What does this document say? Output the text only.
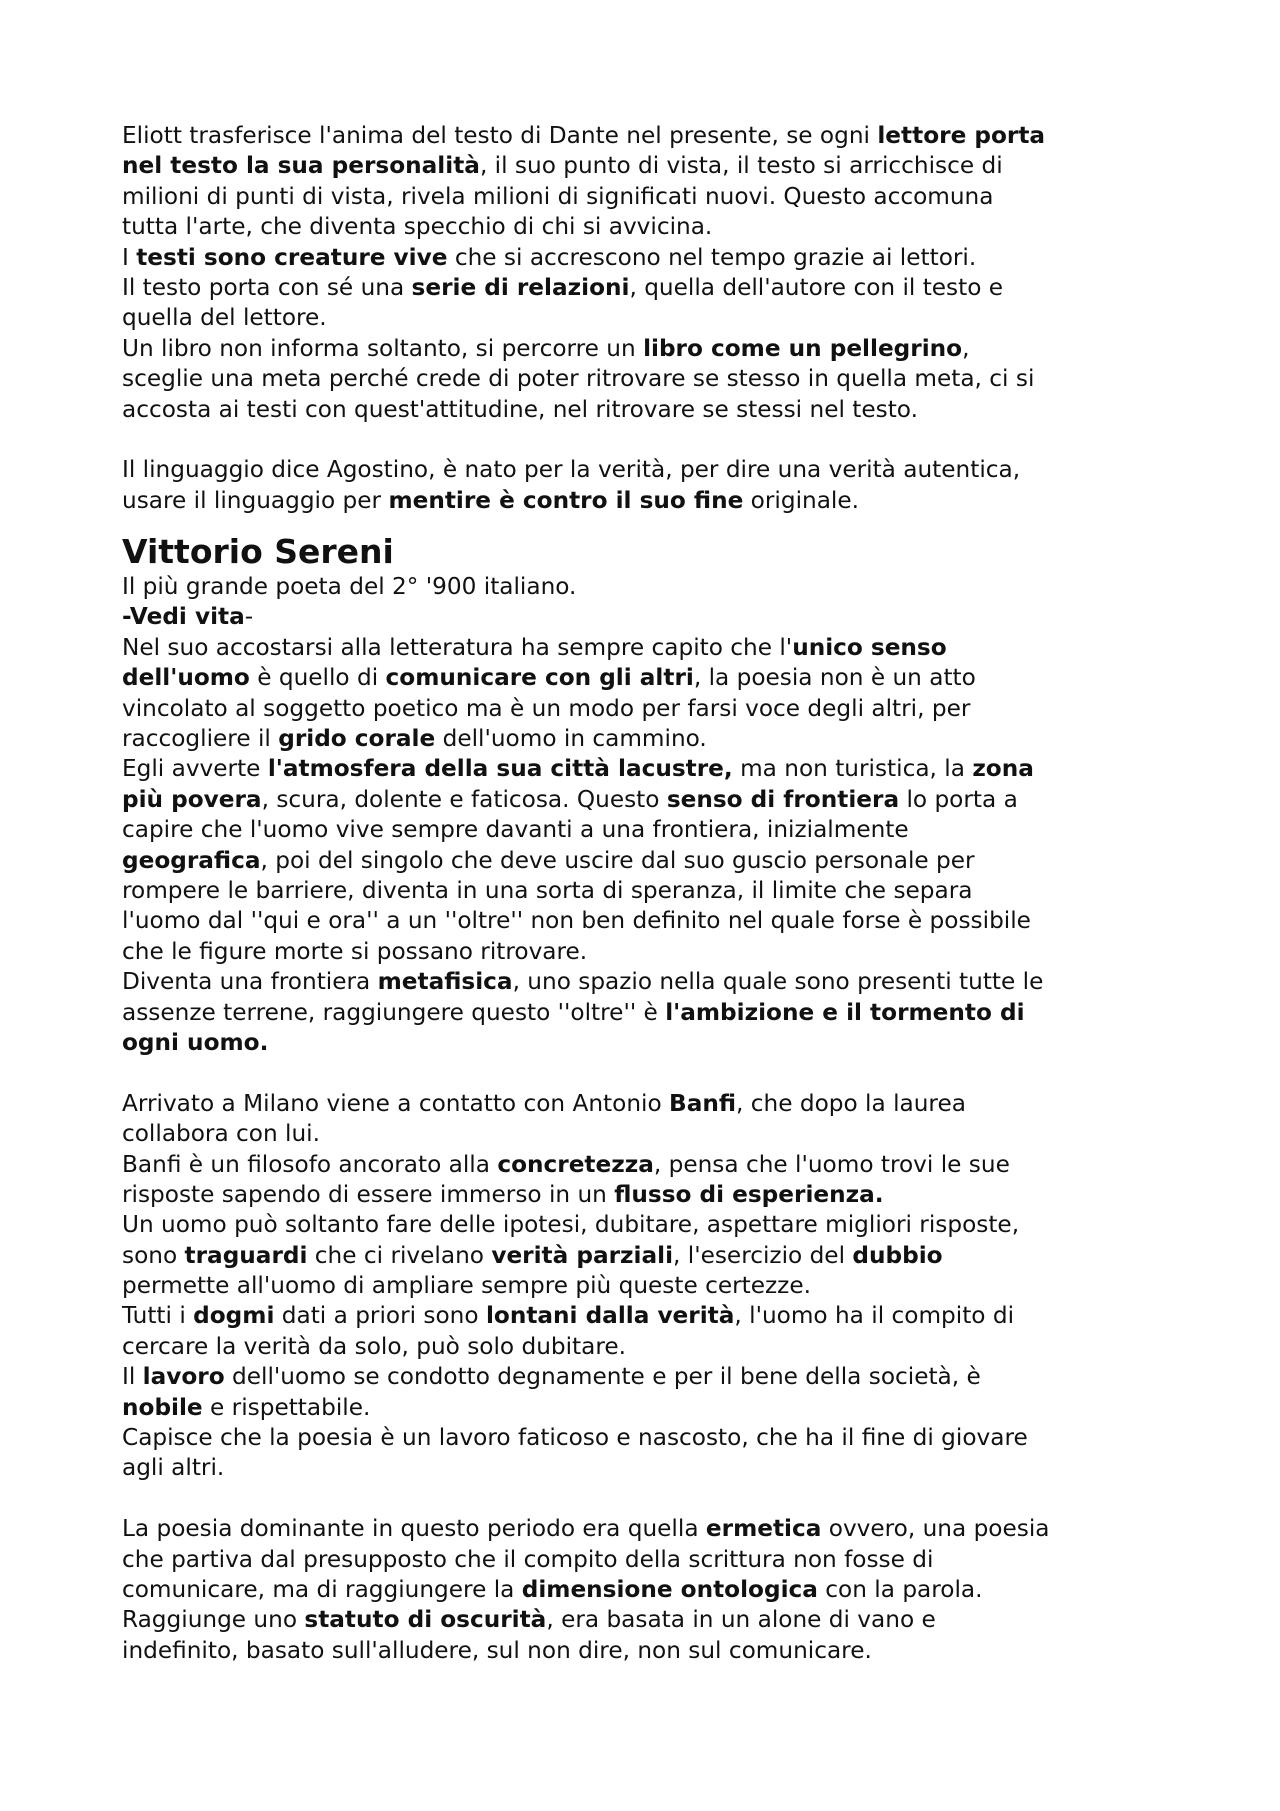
Eliott trasferisce l'anima del testo di Dante nel presente, se ogni lettore porta
nel testo la sua personalità, il suo punto di vista, il testo si arricchisce di
milioni di punti di vista, rivela milioni di significati nuovi. Questo accomuna
tutta l'arte, che diventa specchio di chi si avvicina.
I testi sono creature vive che si accrescono nel tempo grazie ai lettori.
Il testo porta con sé una serie di relazioni, quella dell'autore con il testo e
quella del lettore.
Un libro non informa soltanto, si percorre un libro come un pellegrino,
sceglie una meta perché crede di poter ritrovare se stesso in quella meta, ci si
accosta ai testi con quest'attitudine, nel ritrovare se stessi nel testo.
Il linguaggio dice Agostino, è nato per la verità, per dire una verità autentica,
usare il linguaggio per mentire è contro il suo fine originale.
Vittorio Sereni
Il più grande poeta del 2° '900 italiano.
-Vedi vita-
Nel suo accostarsi alla letteratura ha sempre capito che l'unico senso
dell'uomo è quello di comunicare con gli altri, la poesia non è un atto
vincolato al soggetto poetico ma è un modo per farsi voce degli altri, per
raccogliere il grido corale dell'uomo in cammino.
Egli avverte l'atmosfera della sua città lacustre, ma non turistica, la zona
più povera, scura, dolente e faticosa. Questo senso di frontiera lo porta a
capire che l'uomo vive sempre davanti a una frontiera, inizialmente
geografica, poi del singolo che deve uscire dal suo guscio personale per
rompere le barriere, diventa in una sorta di speranza, il limite che separa
l'uomo dal ''qui e ora'' a un ''oltre'' non ben definito nel quale forse è possibile
che le figure morte si possano ritrovare.
Diventa una frontiera metafisica, uno spazio nella quale sono presenti tutte le
assenze terrene, raggiungere questo ''oltre'' è l'ambizione e il tormento di
ogni uomo.
Arrivato a Milano viene a contatto con Antonio Banfi, che dopo la laurea
collabora con lui.
Banfi è un filosofo ancorato alla concretezza, pensa che l'uomo trovi le sue
risposte sapendo di essere immerso in un flusso di esperienza.
Un uomo può soltanto fare delle ipotesi, dubitare, aspettare migliori risposte,
sono traguardi che ci rivelano verità parziali, l'esercizio del dubbio
permette all'uomo di ampliare sempre più queste certezze.
Tutti i dogmi dati a priori sono lontani dalla verità, l'uomo ha il compito di
cercare la verità da solo, può solo dubitare.
Il lavoro dell'uomo se condotto degnamente e per il bene della società, è
nobile e rispettabile.
Capisce che la poesia è un lavoro faticoso e nascosto, che ha il fine di giovare
agli altri.
La poesia dominante in questo periodo era quella ermetica ovvero, una poesia
che partiva dal presupposto che il compito della scrittura non fosse di
comunicare, ma di raggiungere la dimensione ontologica con la parola.
Raggiunge uno statuto di oscurità, era basata in un alone di vano e
indefinito, basato sull'alludere, sul non dire, non sul comunicare.
